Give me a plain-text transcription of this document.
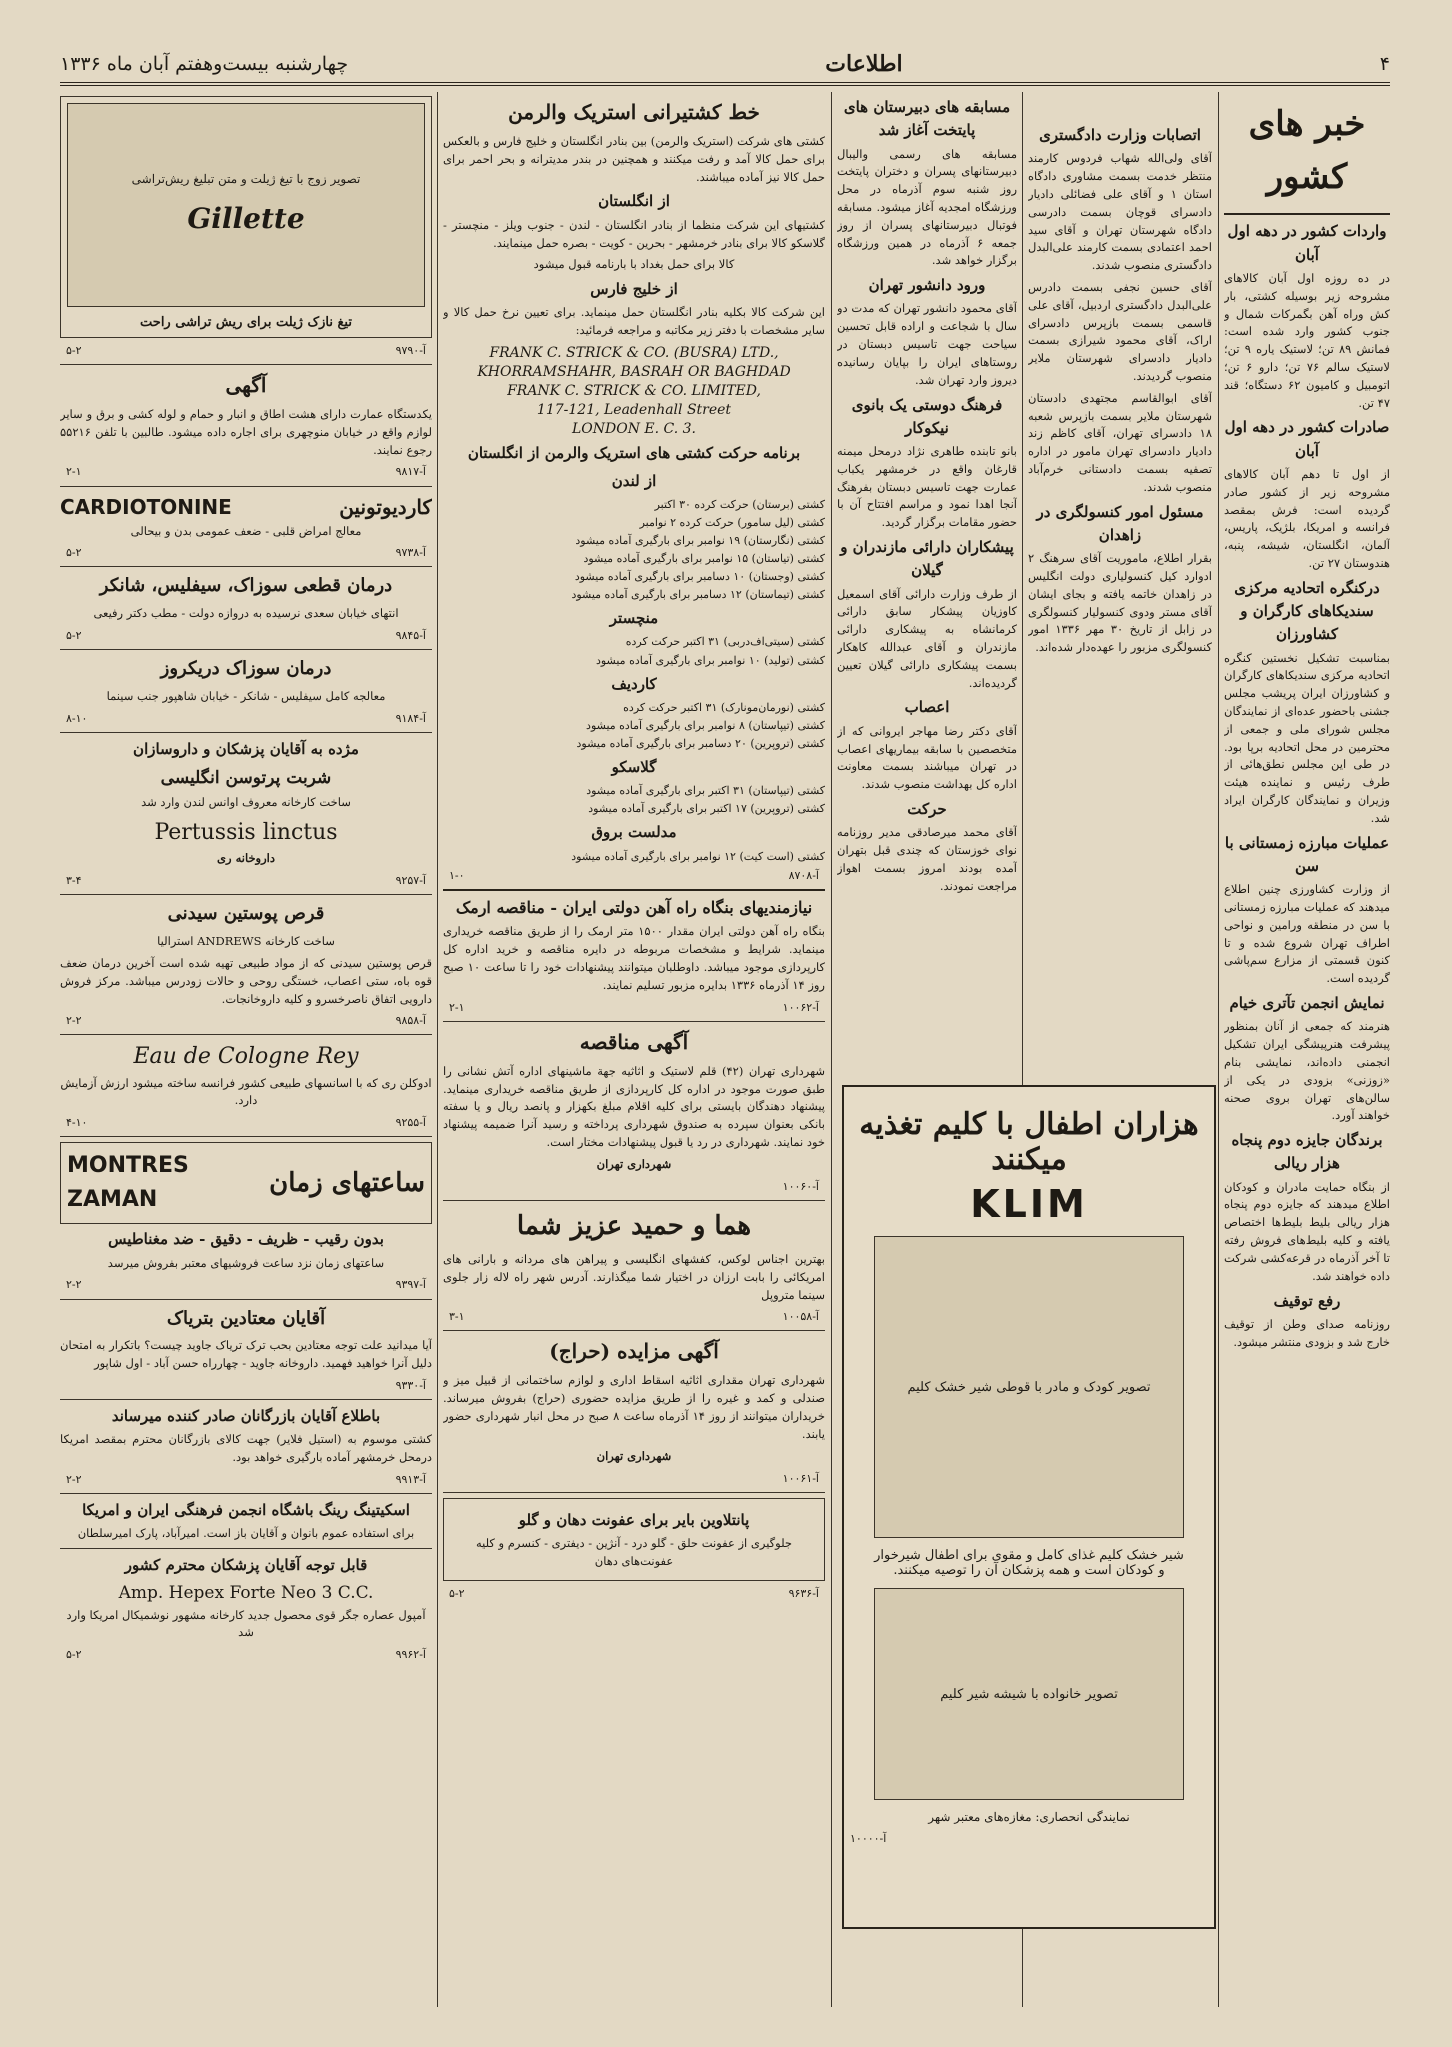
۴
اطلاعات
چهارشنبه بیست‌وهفتم آبان ماه ۱۳۳۶
خبر های کشور
واردات کشور در دهه اول آبان

در ده روزه اول آبان کالاهای مشروحه زیر بوسیله کشتی، بار کش وراه آهن بگمرکات شمال و جنوب کشور وارد شده است: فمانش ۸۹ تن؛ لاستیک یاره ۹ تن؛ لاستیک سالم ۷۶ تن؛ دارو ۶ تن؛ اتومبیل و کامیون ۶۲ دستگاه؛ قند ۴۷ تن.

صادرات کشور در دهه اول آبان

از اول تا دهم آبان کالاهای مشروحه زیر از کشور صادر گردیده است: فرش بمقصد فرانسه و امریکا، بلژیک، پاریس، آلمان، انگلستان، شیشه، پنبه، هندوستان ۲۷ تن.

درکنگره اتحادیه مرکزی سندیکاهای کارگران و کشاورزان

بمناسبت تشکیل نخستین کنگره اتحادیه مرکزی سندیکاهای کارگران و کشاورزان ایران پریشب مجلس جشنی باحضور عده‌ای از نمایندگان مجلس شورای ملی و جمعی از محترمین در محل اتحادیه برپا بود. در طی این مجلس نطق‌هائی از طرف رئیس و نماینده هیئت وزیران و نمایندگان کارگران ایراد شد.

عملیات مبارزه زمستانی با سن

از وزارت کشاورزی چنین اطلاع میدهند که عملیات مبارزه زمستانی با سن در منطقه ورامین و نواحی اطراف تهران شروع شده و تا کنون قسمتی از مزارع سم‌پاشی گردیده است.

نمایش انجمن تآتری خیام

هنرمند که جمعی از آنان بمنظور پیشرفت هنرپیشگی ایران تشکیل انجمنی داده‌اند، نمایشی بنام «زوزنی» بزودی در یکی از سالن‌های تهران بروی صحنه خواهند آورد.

برندگان جایزه دوم پنجاه هزار ریالی

از بنگاه حمایت مادران و کودکان اطلاع میدهند که جایزه دوم پنجاه هزار ریالی بلیط بلیط‌ها اختصاص یافته و کلیه بلیط‌های فروش رفته تا آخر آذرماه در قرعه‌کشی شرکت داده خواهند شد.

رفع توقیف

روزنامه صدای وطن از توقیف خارج شد و بزودی منتشر میشود.

اتصابات وزارت دادگستری

آقای ولی‌الله شهاب فردوس کارمند منتظر خدمت بسمت مشاوری دادگاه استان ۱ و آقای علی فضائلی دادیار دادسرای قوچان بسمت دادرسی دادگاه شهرستان تهران و آقای سید احمد اعتمادی بسمت کارمند علی‌البدل دادگستری منصوب شدند.

آقای حسین نجفی بسمت دادرس علی‌البدل دادگستری اردبیل، آقای علی قاسمی بسمت بازپرس دادسرای اراک، آقای محمود شیرازی بسمت دادیار دادسرای شهرستان ملایر منصوب گردیدند.

آقای ابوالقاسم مجتهدی دادستان شهرستان ملایر بسمت بازپرس شعبه ۱۸ دادسرای تهران، آقای کاظم زند دادیار دادسرای تهران مامور در اداره تصفیه بسمت دادستانی خرم‌آباد منصوب شدند.

مسئول امور کنسولگری در زاهدان

بقرار اطلاع، ماموریت آقای سرهنگ ۲ ادوارد کیل کنسولیاری دولت انگلیس در زاهدان خاتمه یافته و بجای ایشان آقای مستر ودوی کنسولیار کنسولگری در زابل از تاریخ ۳۰ مهر ۱۳۳۶ امور کنسولگری مزبور را عهده‌دار شده‌اند.

مسابقه های دبیرستان های پایتخت آغاز شد

مسابقه های رسمی والیبال دبیرستانهای پسران و دختران پایتخت روز شنبه سوم آذرماه در محل ورزشگاه امجدیه آغاز میشود. مسابقه فوتبال دبیرستانهای پسران از روز جمعه ۶ آذرماه در همین ورزشگاه برگزار خواهد شد.

ورود دانشور تهران

آقای محمود دانشور تهران که مدت دو سال با شجاعت و اراده قابل تحسین سیاحت جهت تاسیس دبستان در روستاهای ایران را بپایان رسانیده دیروز وارد تهران شد.

فرهنگ دوستی یک بانوی نیکوکار

بانو تابنده طاهری نژاد درمحل میمنه قارغان واقع در خرمشهر یکباب عمارت جهت تاسیس دبستان بفرهنگ آنجا اهدا نمود و مراسم افتتاح آن با حضور مقامات برگزار گردید.

پیشکاران دارائی مازندران و گیلان

از طرف وزارت دارائی آقای اسمعیل کاوزیان پیشکار سابق دارائی کرمانشاه به پیشکاری دارائی مازندران و آقای عبدالله کاهکار بسمت پیشکاری دارائی گیلان تعیین گردیده‌اند.

اعصاب

آقای دکتر رضا مهاجر ایروانی که از متخصصین با سابقه بیماریهای اعصاب در تهران میباشند بسمت معاونت اداره کل بهداشت منصوب شدند.

حرکت

آقای محمد میرصادقی مدیر روزنامه نوای خوزستان که چندی قبل بتهران آمده بودند امروز بسمت اهواز مراجعت نمودند.

هزاران اطفال با کلیم تغذیه میکنند
KLIM
تصویر کودک و مادر با قوطی شیر خشک کلیم

شیر خشک کلیم غذای کامل و مقوی برای اطفال شیرخوار و کودکان است و همه پزشکان آن را توصیه میکنند.

تصویر خانواده با شیشه شیر کلیم

نمایندگی انحصاری: مغازه‌های معتبر شهر

آ-۱۰۰۰۰
خط کشتیرانی استریک والرمن

کشتی های شرکت (استریک والرمن) بین بنادر انگلستان و خلیج فارس و بالعکس برای حمل کالا آمد و رفت میکنند و همچنین در بندر مدیترانه و بحر احمر برای حمل کالا نیز آماده میباشند.

از انگلستان

کشتیهای این شرکت منظما از بنادر انگلستان - لندن - جنوب ویلز - منچستر - گلاسکو کالا برای بنادر خرمشهر - بحرین - کویت - بصره حمل مینمایند.

کالا برای حمل بغداد با بارنامه قبول میشود

از خلیج فارس

این شرکت کالا بکلیه بنادر انگلستان حمل مینماید. برای تعیین نرخ حمل کالا و سایر مشخصات با دفتر زیر مکاتبه و مراجعه فرمائید:

FRANK C. STRICK & CO. (BUSRA) LTD.,
KHORRAMSHAHR, BASRAH OR BAGHDAD
FRANK C. STRICK & CO. LIMITED,
117-121, Leadenhall Street
LONDON E. C. 3.
برنامه حرکت کشتی های استریک والرمن از انگلستان
از لندن
کشتی (برستان) حرکت کرده ۳۰ اکتبر
کشتی (لیل سامور) حرکت کرده ۲ نوامبر
کشتی (نگارستان) ۱۹ نوامبر برای بارگیری آماده میشود
کشتی (تیاستان) ۱۵ نوامبر برای بارگیری آماده میشود
کشتی (وجستان) ۱۰ دسامبر برای بارگیری آماده میشود
کشتی (تیماستان) ۱۲ دسامبر برای بارگیری آماده میشود
منچستر
کشتی (سیتی‌اف‌دربی) ۳۱ اکتبر حرکت کرده
کشتی (تولید) ۱۰ نوامبر برای بارگیری آماده میشود
کاردیف
کشتی (نورمان‌مونارک) ۳۱ اکتبر حرکت کرده
کشتی (تیپاستان) ۸ نوامبر برای بارگیری آماده میشود
کشتی (تروپرین) ۲۰ دسامبر برای بارگیری آماده میشود
گلاسکو
کشتی (تیپاستان) ۳۱ اکتبر برای بارگیری آماده میشود
کشتی (تروپرین) ۱۷ اکتبر برای بارگیری آماده میشود
مدلست بروق
کشتی (است کیت) ۱۲ نوامبر برای بارگیری آماده میشود
۱-۰	آ-۸۷۰۸
نیازمندیهای بنگاه راه آهن دولتی ایران - مناقصه ارمک

بنگاه راه آهن دولتی ایران مقدار ۱۵۰۰ متر ارمک را از طریق مناقصه خریداری مینماید. شرایط و مشخصات مربوطه در دایره مناقصه و خرید اداره کل کارپردازی موجود میباشد. داوطلبان میتوانند پیشنهادات خود را تا ساعت ۱۰ صبح روز ۱۴ آذرماه ۱۳۳۶ بدایره مزبور تسلیم نمایند.

۲-۱	آ-۱۰۰۶۲
آگهی مناقصه

شهرداری تهران (۴۲) قلم لاستیک و اثاثیه جهة ماشینهای اداره آتش نشانی را طبق صورت موجود در اداره کل کارپردازی از طریق مناقصه خریداری مینماید. پیشنهاد دهندگان بایستی برای کلیه اقلام مبلغ بکهزار و پانصد ریال و یا سفته بانکی بعنوان سپرده به صندوق شهرداری پرداخته و رسید آنرا ضمیمه پیشنهاد خود نمایند. شهرداری در رد یا قبول پیشنهادات مختار است.

شهرداری تهران

آ-۱۰۰۶۰
هما و حمید عزیز شما

بهترین اجناس لوکس، کفشهای انگلیسی و پیراهن های مردانه و بارانی های امریکائی را بابت ارزان در اختیار شما میگذارند. آدرس شهر راه لاله زار جلوی سینما متروپل

۳-۱	آ-۱۰۰۵۸
آگهی مزایده (حراج)

شهرداری تهران مقداری اثاثیه اسقاط اداری و لوازم ساختمانی از قبیل میز و صندلی و کمد و غیره را از طریق مزایده حضوری (حراج) بفروش میرساند. خریداران میتوانند از روز ۱۴ آذرماه ساعت ۸ صبح در محل انبار شهرداری حضور یابند.

شهرداری تهران

آ-۱۰۰۶۱
پانتلاوین بایر برای عفونت دهان و گلو

جلوگیری از عفونت حلق - گلو درد - آنژین - دیفتری - کنسرم و کلیه عفونت‌های دهان

۵-۲	آ-۹۶۳۶
تصویر زوج با تیغ ژیلت و متن تبلیغ ریش‌تراشی
Gillette
تیغ نازک ژیلت برای ریش تراشی راحت
۵-۲	آ-۹۷۹۰
آگهی

یکدستگاه عمارت دارای هشت اطاق و انبار و حمام و لوله کشی و برق و سایر لوازم واقع در خیابان منوچهری برای اجاره داده میشود. طالبین با تلفن ۵۵۲۱۶ رجوع نمایند.

۲-۱	آ-۹۸۱۷
CARDIOTONINE	کاردیوتونین

معالج امراض قلبی - ضعف عمومی بدن و بیحالی

۵-۲	آ-۹۷۳۸
درمان قطعی سوزاک، سیفلیس، شانکر

انتهای خیابان سعدی نرسیده به دروازه دولت - مطب دکتر رفیعی

۵-۲	آ-۹۸۴۵
درمان سوزاک دریکروز

معالجه کامل سیفلیس - شانکر - خیابان شاهپور جنب سینما

۸-۱۰	آ-۹۱۸۴
مژده به آقایان پزشکان و داروسازان
شربت پرتوسن انگلیسی

ساخت کارخانه معروف اوانس لندن وارد شد

Pertussis linctus

داروخانه ری

۳-۴	آ-۹۲۵۷
قرص پوستین سیدنی

ساخت کارخانه ANDREWS استرالیا

قرص پوستین سیدنی که از مواد طبیعی تهیه شده است آخرین درمان ضعف قوه باه، ستی اعصاب، خستگی روحی و حالات زودرس میباشد. مرکز فروش دارویی اتفاق ناصرخسرو و کلیه داروخانجات.

۲-۲	آ-۹۸۵۸
Eau de Cologne Rey

ادوکلن ری که با اسانسهای طبیعی کشور فرانسه ساخته میشود ارزش آزمایش دارد.

۴-۱۰	آ-۹۲۵۵
MONTRES
ZAMAN
ساعتهای زمان
بدون رقیب - ظریف - دقیق - ضد مغناطیس

ساعتهای زمان نزد ساعت فروشیهای معتبر بفروش میرسد

۲-۲	آ-۹۳۹۷
آقایان معتادین بتریاک

آیا میدانید علت توجه معتادین بحب ترک تریاک جاوید چیست؟ باتکرار به امتحان دلیل آنرا خواهید فهمید. داروخانه جاوید - چهارراه حسن آباد - اول شاپور

آ-۹۳۳۰
باطلاع آقایان بازرگانان صادر کننده میرساند

کشتی موسوم به (استیل فلایر) جهت کالای بازرگانان محترم بمقصد امریکا درمحل خرمشهر آماده بارگیری خواهد بود.

۲-۲	آ-۹۹۱۳
اسکیتینگ رینگ باشگاه انجمن فرهنگی ایران و امریکا

برای استفاده عموم بانوان و آقایان باز است. امیر‌آباد، پارک امیرسلطان

قابل توجه آقایان پزشکان محترم کشور
Amp. Hepex Forte Neo 3 C.C.

آمپول عصاره جگر قوی محصول جدید کارخانه مشهور نوشمیکال امریکا وارد شد

۵-۲	آ-۹۹۶۲
